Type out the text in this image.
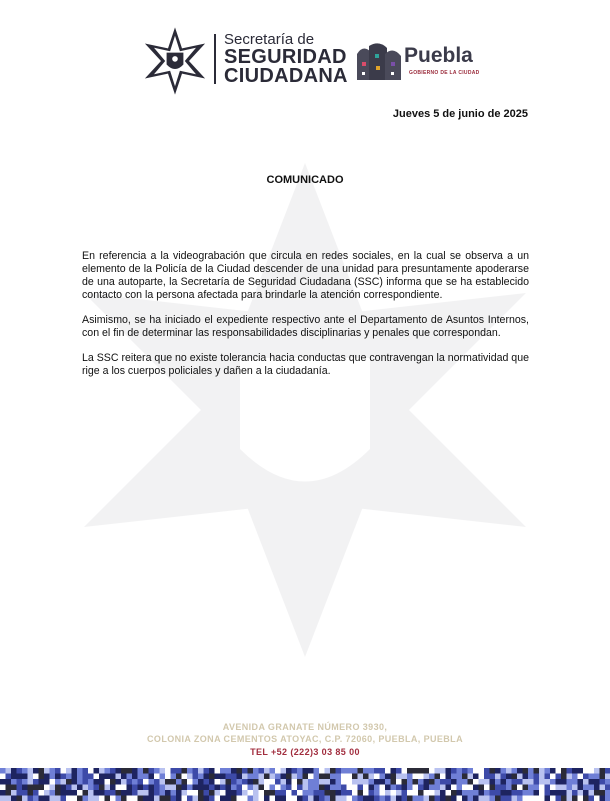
Secretaría de
SEGURIDAD
CIUDADANA
Puebla
GOBIERNO DE LA CIUDAD
Jueves 5 de junio de 2025
COMUNICADO

En referencia a la videograbación que circula en redes sociales, en la cual se observa a un elemento de la Policía de la Ciudad descender de una unidad para presuntamente apoderarse de una autoparte, la Secretaría de Seguridad Ciudadana (SSC) informa que se ha establecido contacto con la persona afectada para brindarle la atención correspondiente.

Asimismo, se ha iniciado el expediente respectivo ante el Departamento de Asuntos Internos, con el fin de determinar las responsabilidades disciplinarias y penales que correspondan.

La SSC reitera que no existe tolerancia hacia conductas que contravengan la normatividad que rige a los cuerpos policiales y dañen a la ciudadanía.

AVENIDA GRANATE NÚMERO 3930,
COLONIA ZONA CEMENTOS ATOYAC, C.P. 72060, PUEBLA, PUEBLA
TEL +52 (222)3 03 85 00
